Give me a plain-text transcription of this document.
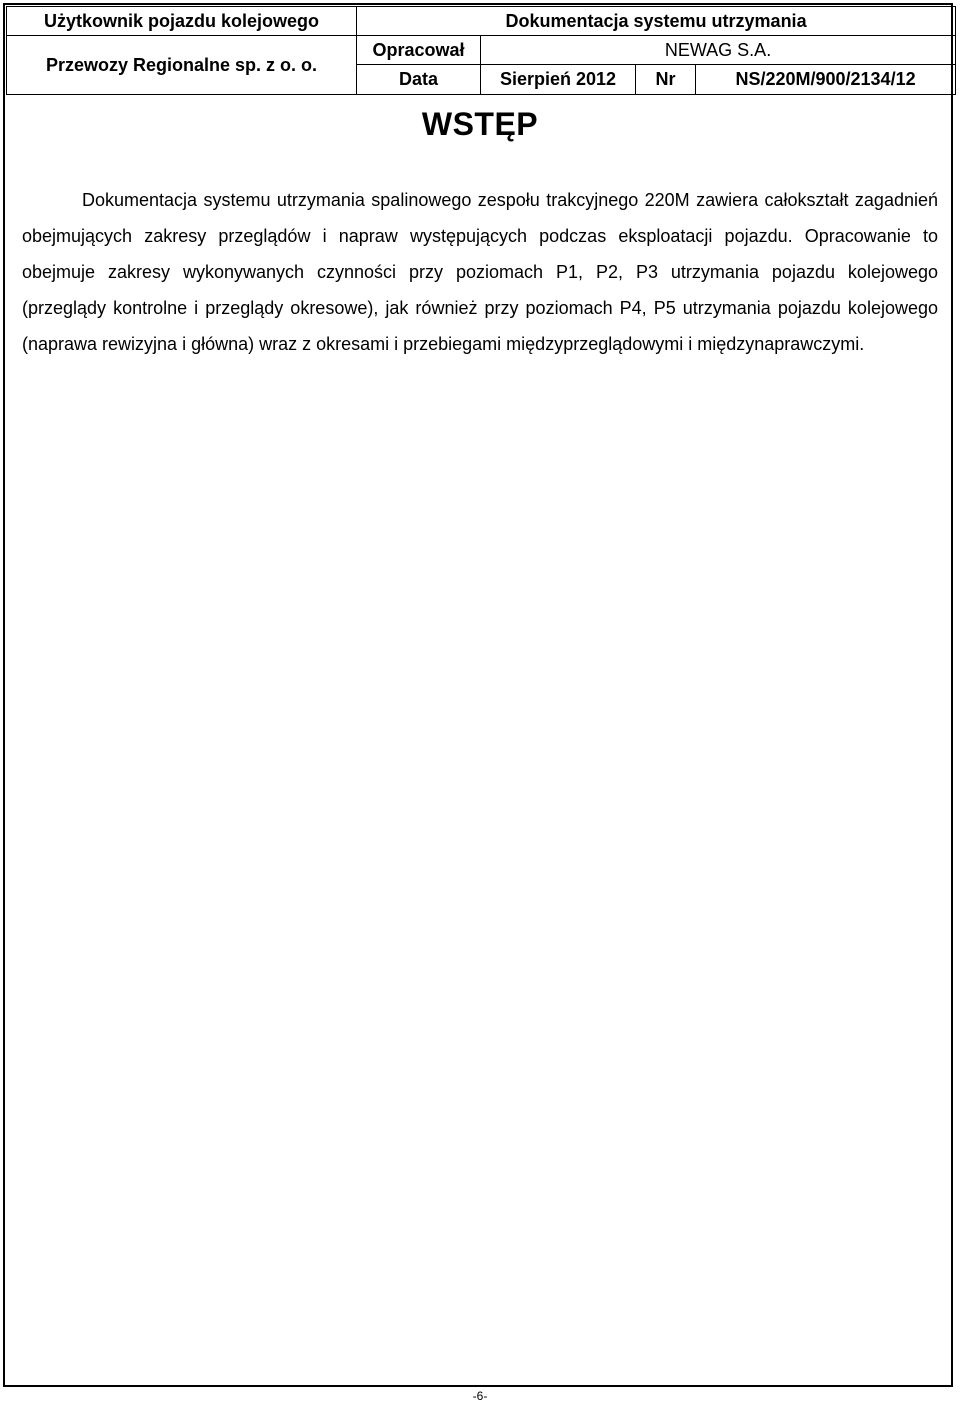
Użytkownik pojazdu kolejowego	Dokumentacja systemu utrzymania			
Przewozy Regionalne sp. z o. o.	Opracował	NEWAG S.A.		
	Data	Sierpień 2012	Nr	NS/220M/900/2134/12
WSTĘP

Dokumentacja systemu utrzymania spalinowego zespołu trakcyjnego 220M zawiera całokształt zagadnień obejmujących zakresy przeglądów i napraw występujących podczas eksploatacji pojazdu. Opracowanie to obejmuje zakresy wykonywanych czynności przy poziomach P1, P2, P3 utrzymania pojazdu kolejowego (przeglądy kontrolne i przeglądy okresowe), jak również przy poziomach P4, P5 utrzymania pojazdu kolejowego (naprawa rewizyjna i główna) wraz z okresami i przebiegami międzyprzeglądowymi i międzynaprawczymi.

-6-
